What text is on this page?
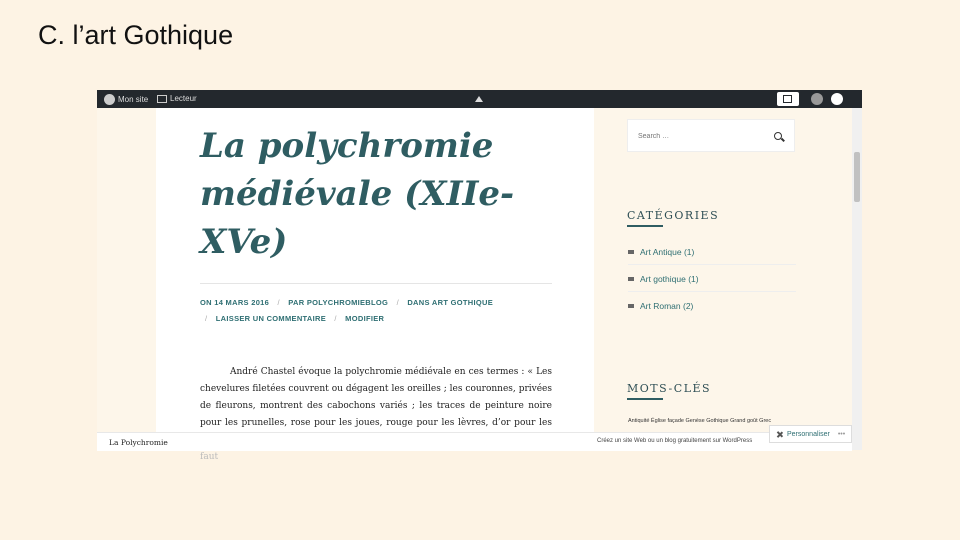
C. l’art Gothique
Mon site	Lecteur
La polychromie médiévale (XIIe-XVe)
ON 14 MARS 2016 / PAR POLYCHROMIEBLOG / DANS ART GOTHIQUE
/ LAISSER UN COMMENTAIRE / MODIFIER

André Chastel évoque la polychromie médiévale en ces termes : « Les chevelures filetées couvrent ou dégagent les oreilles ; les couronnes, privées de fleurons, montrent des cabochons variés ; les traces de peinture noire pour les prunelles, rose pour les joues, rouge pour les lèvres, d’or pour les faut

Search …
CATÉGORIES
Art Antique (1)
Art gothique (1)
Art Roman (2)
MOTS-CLÉS
Antiquité Église façade Genèse Gothique Grand goût Grec
La Polychromie	Créez un site Web ou un blog gratuitement sur WordPress
Personnaliser •••
